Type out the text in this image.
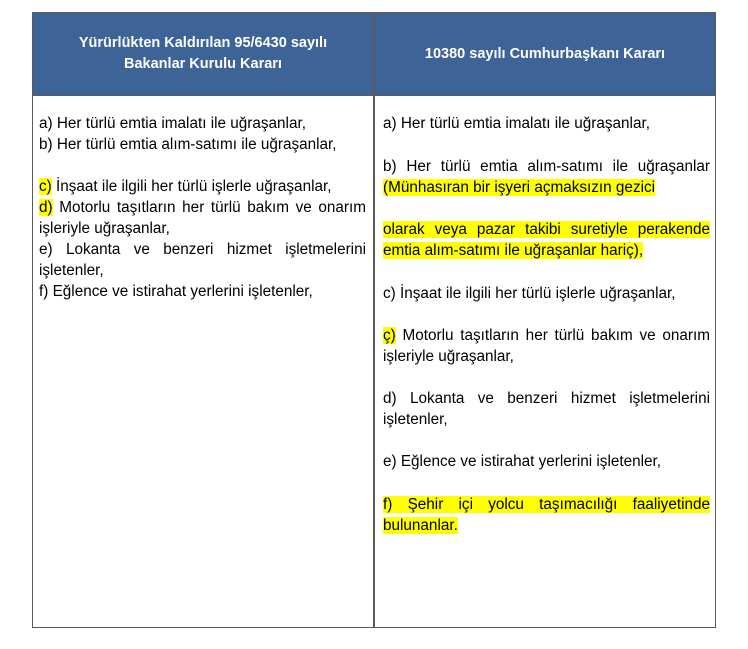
Yürürlükten Kaldırılan 95/6430 sayılı Bakanlar Kurulu Kararı
10380 sayılı Cumhurbaşkanı Kararı

a) Her türlü emtia imalatı ile uğraşanlar,

b) Her türlü emtia alım-satımı ile uğraşanlar,

c) İnşaat ile ilgili her türlü işlerle uğraşanlar,

d) Motorlu taşıtların her türlü bakım ve onarım işleriyle uğraşanlar,

e) Lokanta ve benzeri hizmet işletmelerini işletenler,

f) Eğlence ve istirahat yerlerini işletenler,

a) Her türlü emtia imalatı ile uğraşanlar,

b) Her türlü emtia alım-satımı ile uğraşanlar (Münhasıran bir işyeri açmaksızın gezici

olarak veya pazar takibi suretiyle perakende emtia alım-satımı ile uğraşanlar hariç),

c) İnşaat ile ilgili her türlü işlerle uğraşanlar,

ç) Motorlu taşıtların her türlü bakım ve onarım işleriyle uğraşanlar,

d) Lokanta ve benzeri hizmet işletmelerini işletenler,

e) Eğlence ve istirahat yerlerini işletenler,

f) Şehir içi yolcu taşımacılığı faaliyetinde bulunanlar.
